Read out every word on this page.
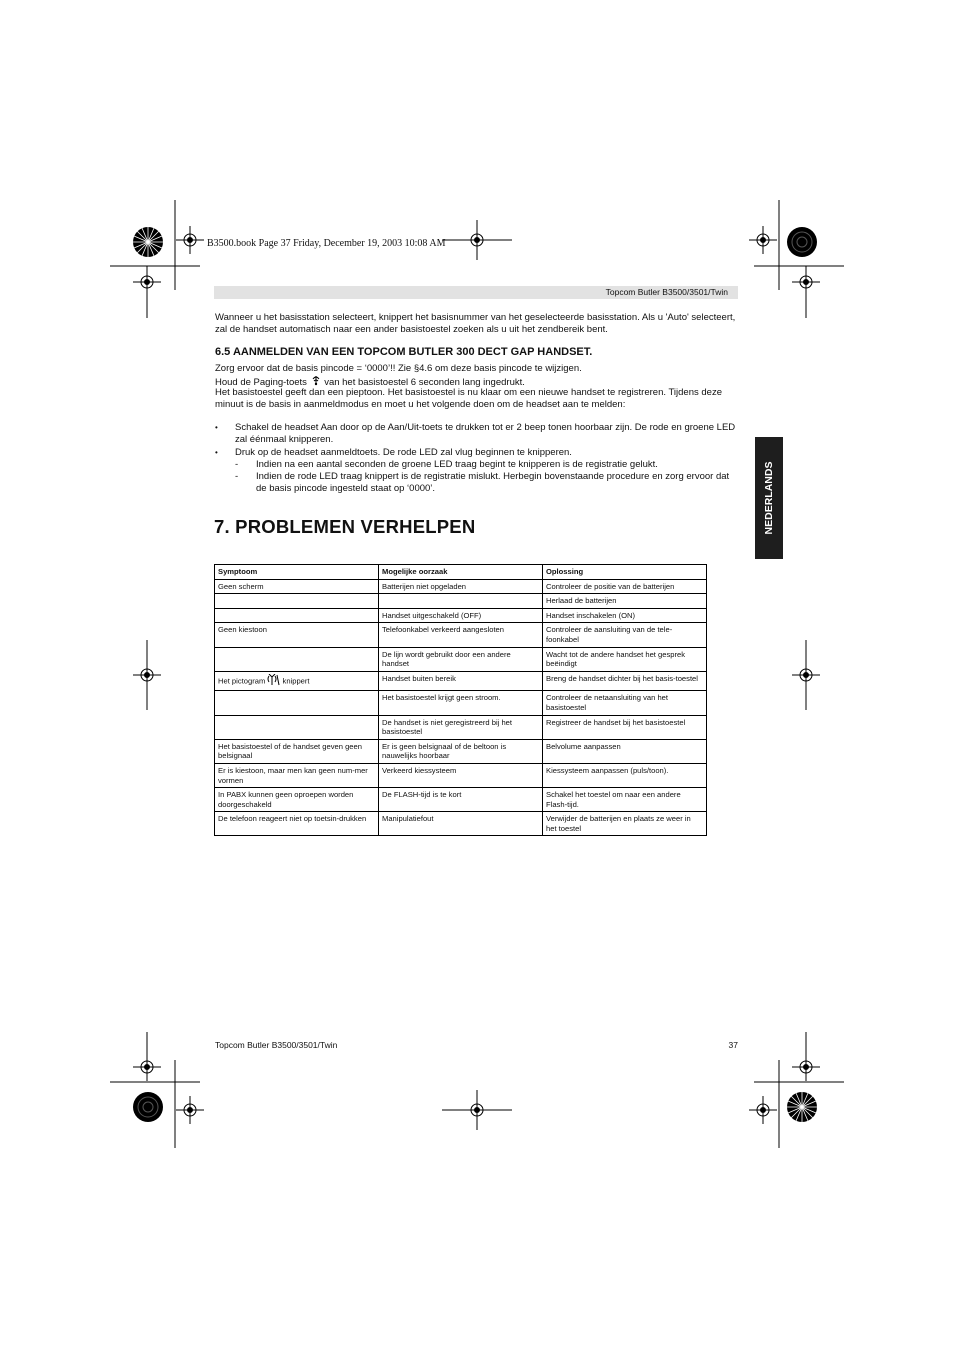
B3500.book Page 37 Friday, December 19, 2003 10:08 AM
Topcom Butler B3500/3501/Twin
Wanneer u het basisstation selecteert, knippert het basisnummer van het geselecteerde basisstation. Als u 'Auto' selecteert, zal de handset automatisch naar een ander basistoestel zoeken als u uit het zendbereik bent.
6.5 AANMELDEN VAN EEN TOPCOM BUTLER 300 DECT GAP HANDSET.
Zorg ervoor dat de basis pincode = ‘0000’!! Zie §4.6 om deze basis pincode te wijzigen.
Houd de Paging-toets van het basistoestel 6 seconden lang ingedrukt.
Het basistoestel geeft dan een pieptoon. Het basistoestel is nu klaar om een nieuwe handset te registreren. Tijdens deze minuut is de basis in aanmeldmodus en moet u het volgende doen om de headset aan te melden:
• Schakel de headset Aan door op de Aan/Uit-toets te drukken tot er 2 beep tonen hoorbaar zijn. De rode en groene LED zal éénmaal knipperen.
• Druk op de headset aanmeldtoets. De rode LED zal vlug beginnen te knipperen.
- Indien na een aantal seconden de groene LED traag begint te knipperen is de registratie gelukt.
- Indien de rode LED traag knippert is de registratie mislukt. Herbegin bovenstaande procedure en zorg ervoor dat de basis pincode ingesteld staat op ‘0000’.
7. PROBLEMEN VERHELPEN	NEDERLANDS
Symptoom	Mogelijke oorzaak	Oplossing
Geen scherm	Batterijen niet opgeladen	Controleer de positie van de batterijen
		Herlaad de batterijen
	Handset uitgeschakeld (OFF)	Handset inschakelen (ON)
Geen kiestoon	Telefoonkabel verkeerd aangesloten	Controleer de aansluiting van de tele-foonkabel
	De lijn wordt gebruikt door een andere handset	Wacht tot de andere handset het gesprek beëindigt
Het pictogram knippert	Handset buiten bereik	Breng de handset dichter bij het basis-toestel
	Het basistoestel krijgt geen stroom.	Controleer de netaansluiting van het basistoestel
	De handset is niet geregistreerd bij het basistoestel	Registreer de handset bij het basistoestel
Het basistoestel of de handset geven geen belsignaal	Er is geen belsignaal of de beltoon is nauwelijks hoorbaar	Belvolume aanpassen
Er is kiestoon, maar men kan geen num-mer vormen	Verkeerd kiessysteem	Kiessysteem aanpassen (puls/toon).
In PABX kunnen geen oproepen worden doorgeschakeld	De FLASH-tijd is te kort	Schakel het toestel om naar een andere Flash-tijd.
De telefoon reageert niet op toetsin-drukken	Manipulatiefout	Verwijder de batterijen en plaats ze weer in het toestel
Topcom Butler B3500/3501/Twin	37
